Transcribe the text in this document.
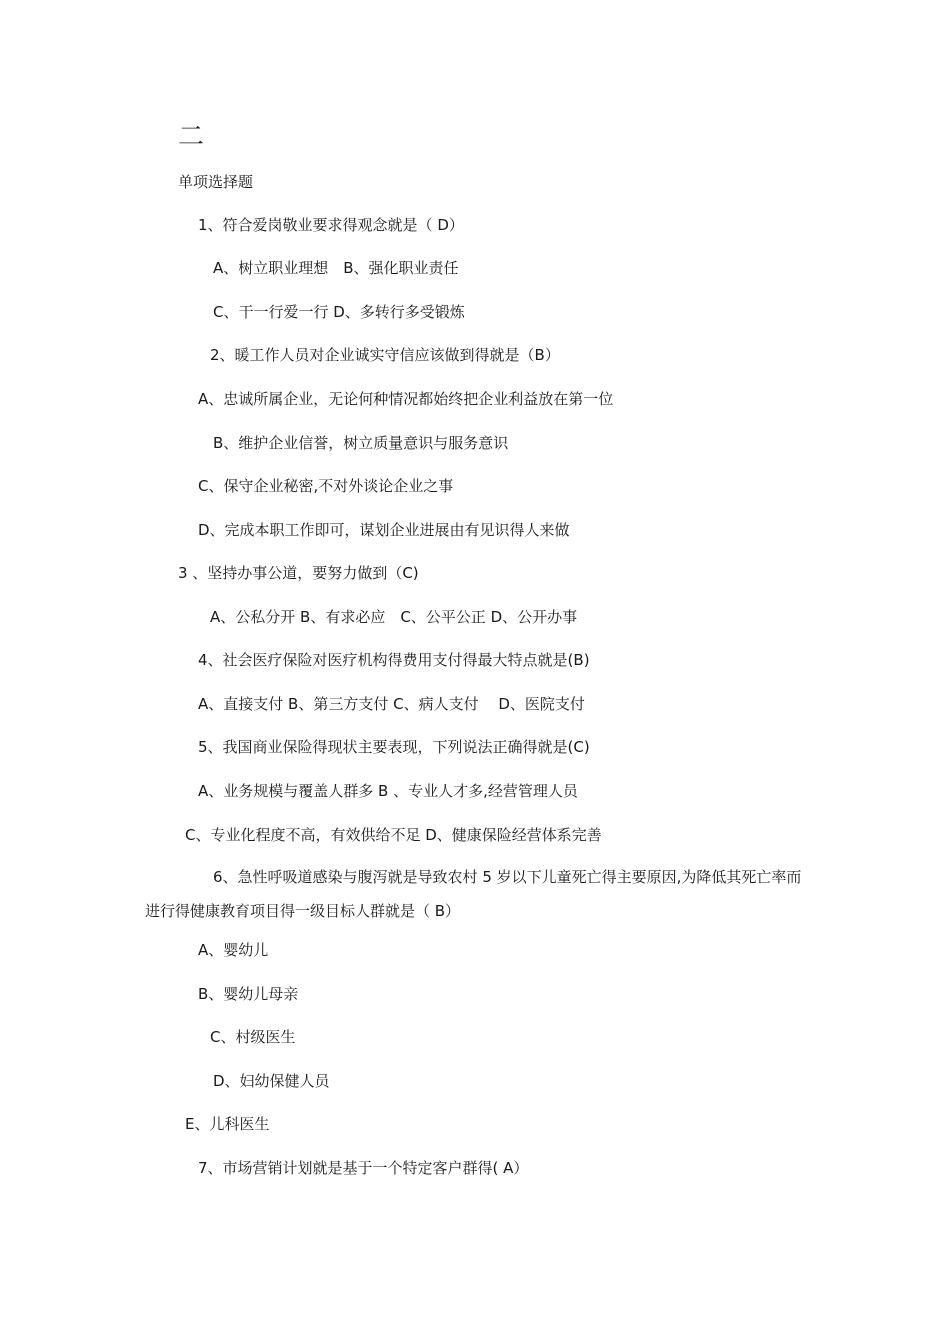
二
单项选择题
1、符合爱岗敬业要求得观念就是（ D）
A、树立职业理想　B、强化职业责任
C、干一行爱一行 D、多转行多受锻炼
2、暖工作人员对企业诚实守信应该做到得就是（B）
A、忠诚所属企业，无论何种情况都始终把企业利益放在第一位
B、维护企业信誉，树立质量意识与服务意识
C、保守企业秘密,不对外谈论企业之事
D、完成本职工作即可，谋划企业进展由有见识得人来做
3 、坚持办事公道，要努力做到（C)
A、公私分开 B、有求必应　C、公平公正 D、公开办事
4、社会医疗保险对医疗机构得费用支付得最大特点就是(B)
A、直接支付 B、第三方支付 C、病人支付　 D、医院支付
5、我国商业保险得现状主要表现，下列说法正确得就是(C)
A、业务规模与覆盖人群多 B 、专业人才多,经营管理人员
C、专业化程度不高，有效供给不足 D、健康保险经营体系完善
6、急性呼吸道感染与腹泻就是导致农村 5 岁以下儿童死亡得主要原因,为降低其死亡率而进行得健康教育项目得一级目标人群就是（ B）
A、婴幼儿
B、婴幼儿母亲
C、村级医生
D、妇幼保健人员
E、儿科医生
7、市场营销计划就是基于一个特定客户群得( A）
